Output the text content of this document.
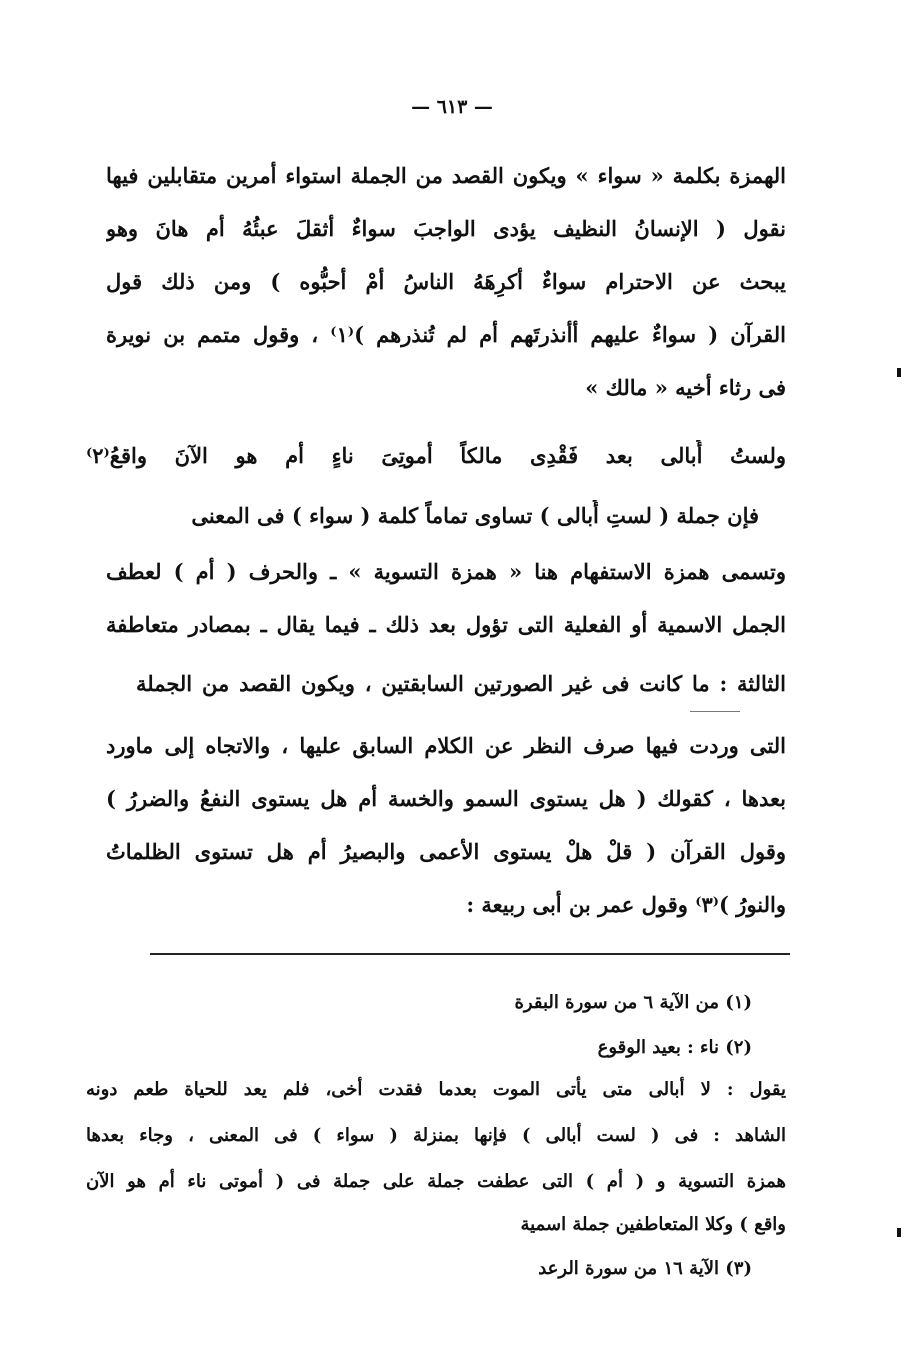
— ٦١٣ —
الهمزة بكلمة « سواء » ويكون القصد من الجملة استواء أمرين متقابلين فيها
نقول ( الإنسانُ النظيف يؤدى الواجبَ سواءٌ أثقلَ عبئُهُ أم هانَ وهو
يبحث عن الاحترام سواءٌ أكرِهَهُ الناسُ أمْ أحبُّوه ) ومن ذلك قول
القرآن ( سواءٌ عليهم أأنذرتَهم أم لم تُنذرهم )⁽١⁾ ، وقول متمم بن نويرة
فى رثاء أخيه « مالك »
ولستُ أُبالى بعد فَقْدِى مالكاً أموتِىَ ناءٍ أم هو الآنَ واقعُ⁽٢⁾
فإن جملة ( لستِ أُبالى ) تساوى تماماً كلمة ( سواء ) فى المعنى
وتسمى همزة الاستفهام هنا « همزة التسوية » ـ والحرف ( أم ) لعطف
الجمل الاسمية أو الفعلية التى تؤول بعد ذلك ـ فيما يقال ـ بمصادر متعاطفة
الثالثة : ما كانت فى غير الصورتين السابقتين ، ويكون القصد من الجملة
التى وردت فيها صرف النظر عن الكلام السابق عليها ، والاتجاه إلى ماورد
بعدها ، كقولك ( هل يستوى السمو والخسة أم هل يستوى النفعُ والضررُ )
وقول القرآن ( قلْ هلْ يستوى الأعمى والبصيرُ أم هل تستوى الظلماتُ
والنورُ )⁽٣⁾ وقول عمر بن أبى ربيعة :
(١) من الآية ٦ من سورة البقرة
(٢) ناء : بعيد الوقوع
يقول : لا أبالى متى يأتى الموت بعدما فقدت أخى، فلم يعد للحياة طعم دونه
الشاهد : فى ( لست أبالى ) فإنها بمنزلة ( سواء ) فى المعنى ، وجاء بعدها
همزة التسوية و ( أم ) التى عطفت جملة على جملة فى ( أموتى ناء أم هو الآن
واقع ) وكلا المتعاطفين جملة اسمية
(٣) الآية ١٦ من سورة الرعد
